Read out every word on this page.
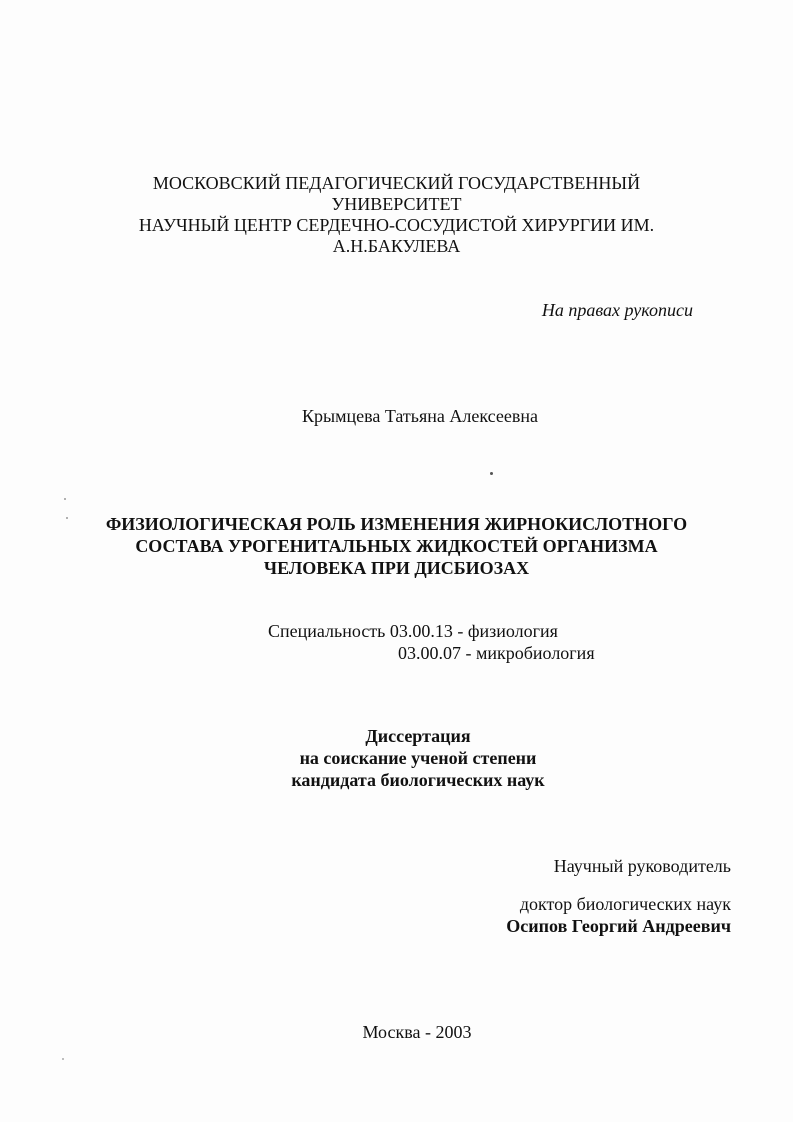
МОСКОВСКИЙ ПЕДАГОГИЧЕСКИЙ ГОСУДАРСТВЕННЫЙ
УНИВЕРСИТЕТ
НАУЧНЫЙ ЦЕНТР СЕРДЕЧНО-СОСУДИСТОЙ ХИРУРГИИ ИМ.
А.Н.БАКУЛЕВА
На правах рукописи
Крымцева Татьяна Алексеевна
ФИЗИОЛОГИЧЕСКАЯ РОЛЬ ИЗМЕНЕНИЯ ЖИРНОКИСЛОТНОГО
СОСТАВА УРОГЕНИТАЛЬНЫХ ЖИДКОСТЕЙ ОРГАНИЗМА
ЧЕЛОВЕКА ПРИ ДИСБИОЗАХ
Специальность 03.00.13 - физиология
03.00.07 - микробиология
Диссертация
на соискание ученой степени
кандидата биологических наук
Научный руководитель
доктор биологических наук
Осипов Георгий Андреевич
Москва - 2003
